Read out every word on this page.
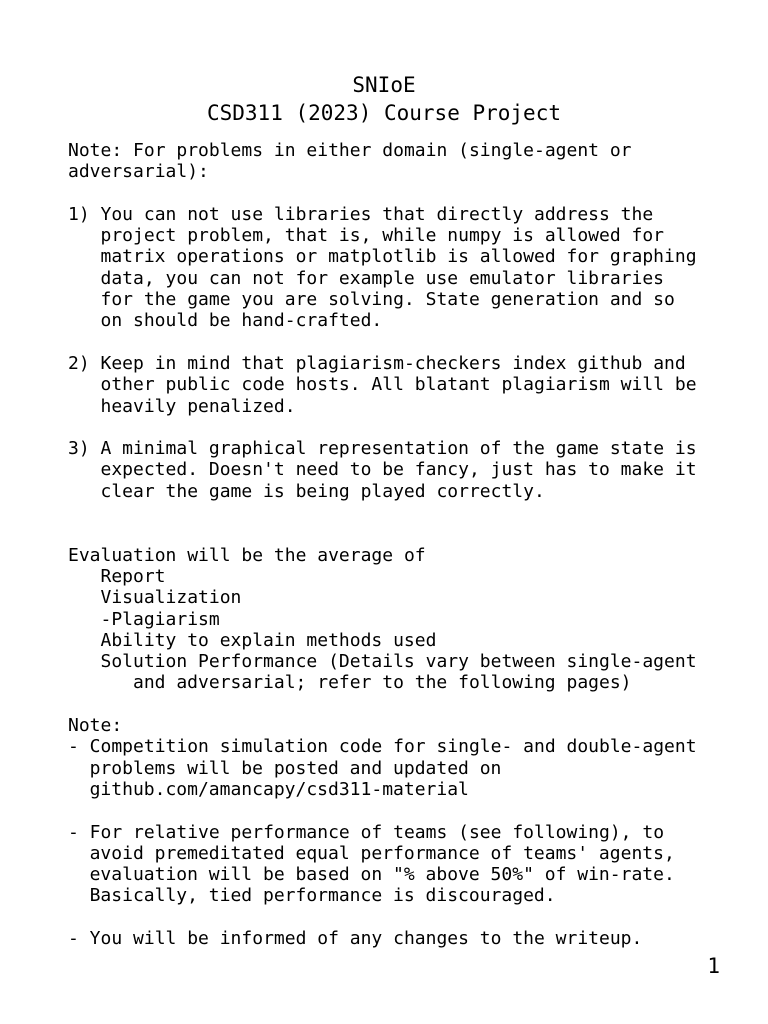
SNIoE
CSD311 (2023) Course Project
Note: For problems in either domain (single-agent or
adversarial):
1) You can not use libraries that directly address the
project problem, that is, while numpy is allowed for
matrix operations or matplotlib is allowed for graphing
data, you can not for example use emulator libraries
for the game you are solving. State generation and so
on should be hand-crafted.
2) Keep in mind that plagiarism-checkers index github and
other public code hosts. All blatant plagiarism will be
heavily penalized.
3) A minimal graphical representation of the game state is
expected. Doesn't need to be fancy, just has to make it
clear the game is being played correctly.
Evaluation will be the average of
Report
Visualization
-Plagiarism
Ability to explain methods used
Solution Performance (Details vary between single-agent
and adversarial; refer to the following pages)
Note:
- Competition simulation code for single- and double-agent
problems will be posted and updated on
github.com/amancapy/csd311-material
- For relative performance of teams (see following), to
avoid premeditated equal performance of teams' agents,
evaluation will be based on "% above 50%" of win-rate.
Basically, tied performance is discouraged.
- You will be informed of any changes to the writeup.
1
